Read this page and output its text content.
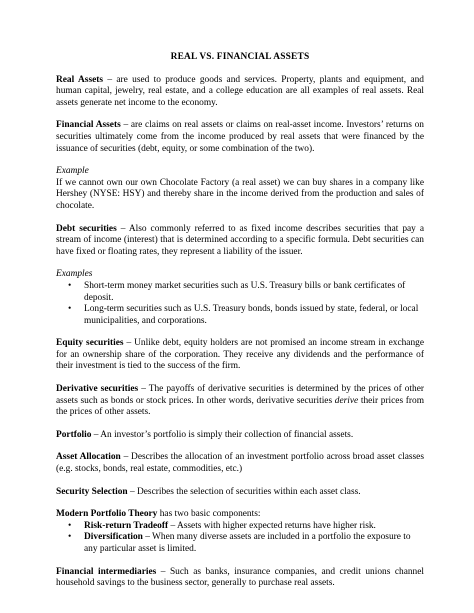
REAL VS. FINANCIAL ASSETS

Real Assets – are used to produce goods and services. Property, plants and equipment, and human capital, jewelry, real estate, and a college education are all examples of real assets. Real assets generate net income to the economy.

Financial Assets – are claims on real assets or claims on real-asset income. Investors’ returns on securities ultimately come from the income produced by real assets that were financed by the issuance of securities (debt, equity, or some combination of the two).

Example
If we cannot own our own Chocolate Factory (a real asset) we can buy shares in a company like Hershey (NYSE: HSY) and thereby share in the income derived from the production and sales of chocolate.

Debt securities – Also commonly referred to as fixed income describes securities that pay a stream of income (interest) that is determined according to a specific formula. Debt securities can have fixed or floating rates, they represent a liability of the issuer.

Examples

• Short-term money market securities such as U.S. Treasury bills or bank certificates of deposit.
• Long-term securities such as U.S. Treasury bonds, bonds issued by state, federal, or local municipalities, and corporations.

Equity securities – Unlike debt, equity holders are not promised an income stream in exchange for an ownership share of the corporation. They receive any dividends and the performance of their investment is tied to the success of the firm.

Derivative securities – The payoffs of derivative securities is determined by the prices of other assets such as bonds or stock prices. In other words, derivative securities derive their prices from the prices of other assets.

Portfolio – An investor’s portfolio is simply their collection of financial assets.

Asset Allocation – Describes the allocation of an investment portfolio across broad asset classes (e.g. stocks, bonds, real estate, commodities, etc.)

Security Selection – Describes the selection of securities within each asset class.

Modern Portfolio Theory has two basic components:

• Risk-return Tradeoff – Assets with higher expected returns have higher risk.
• Diversification – When many diverse assets are included in a portfolio the exposure to any particular asset is limited.

Financial intermediaries – Such as banks, insurance companies, and credit unions channel household savings to the business sector, generally to purchase real assets.
